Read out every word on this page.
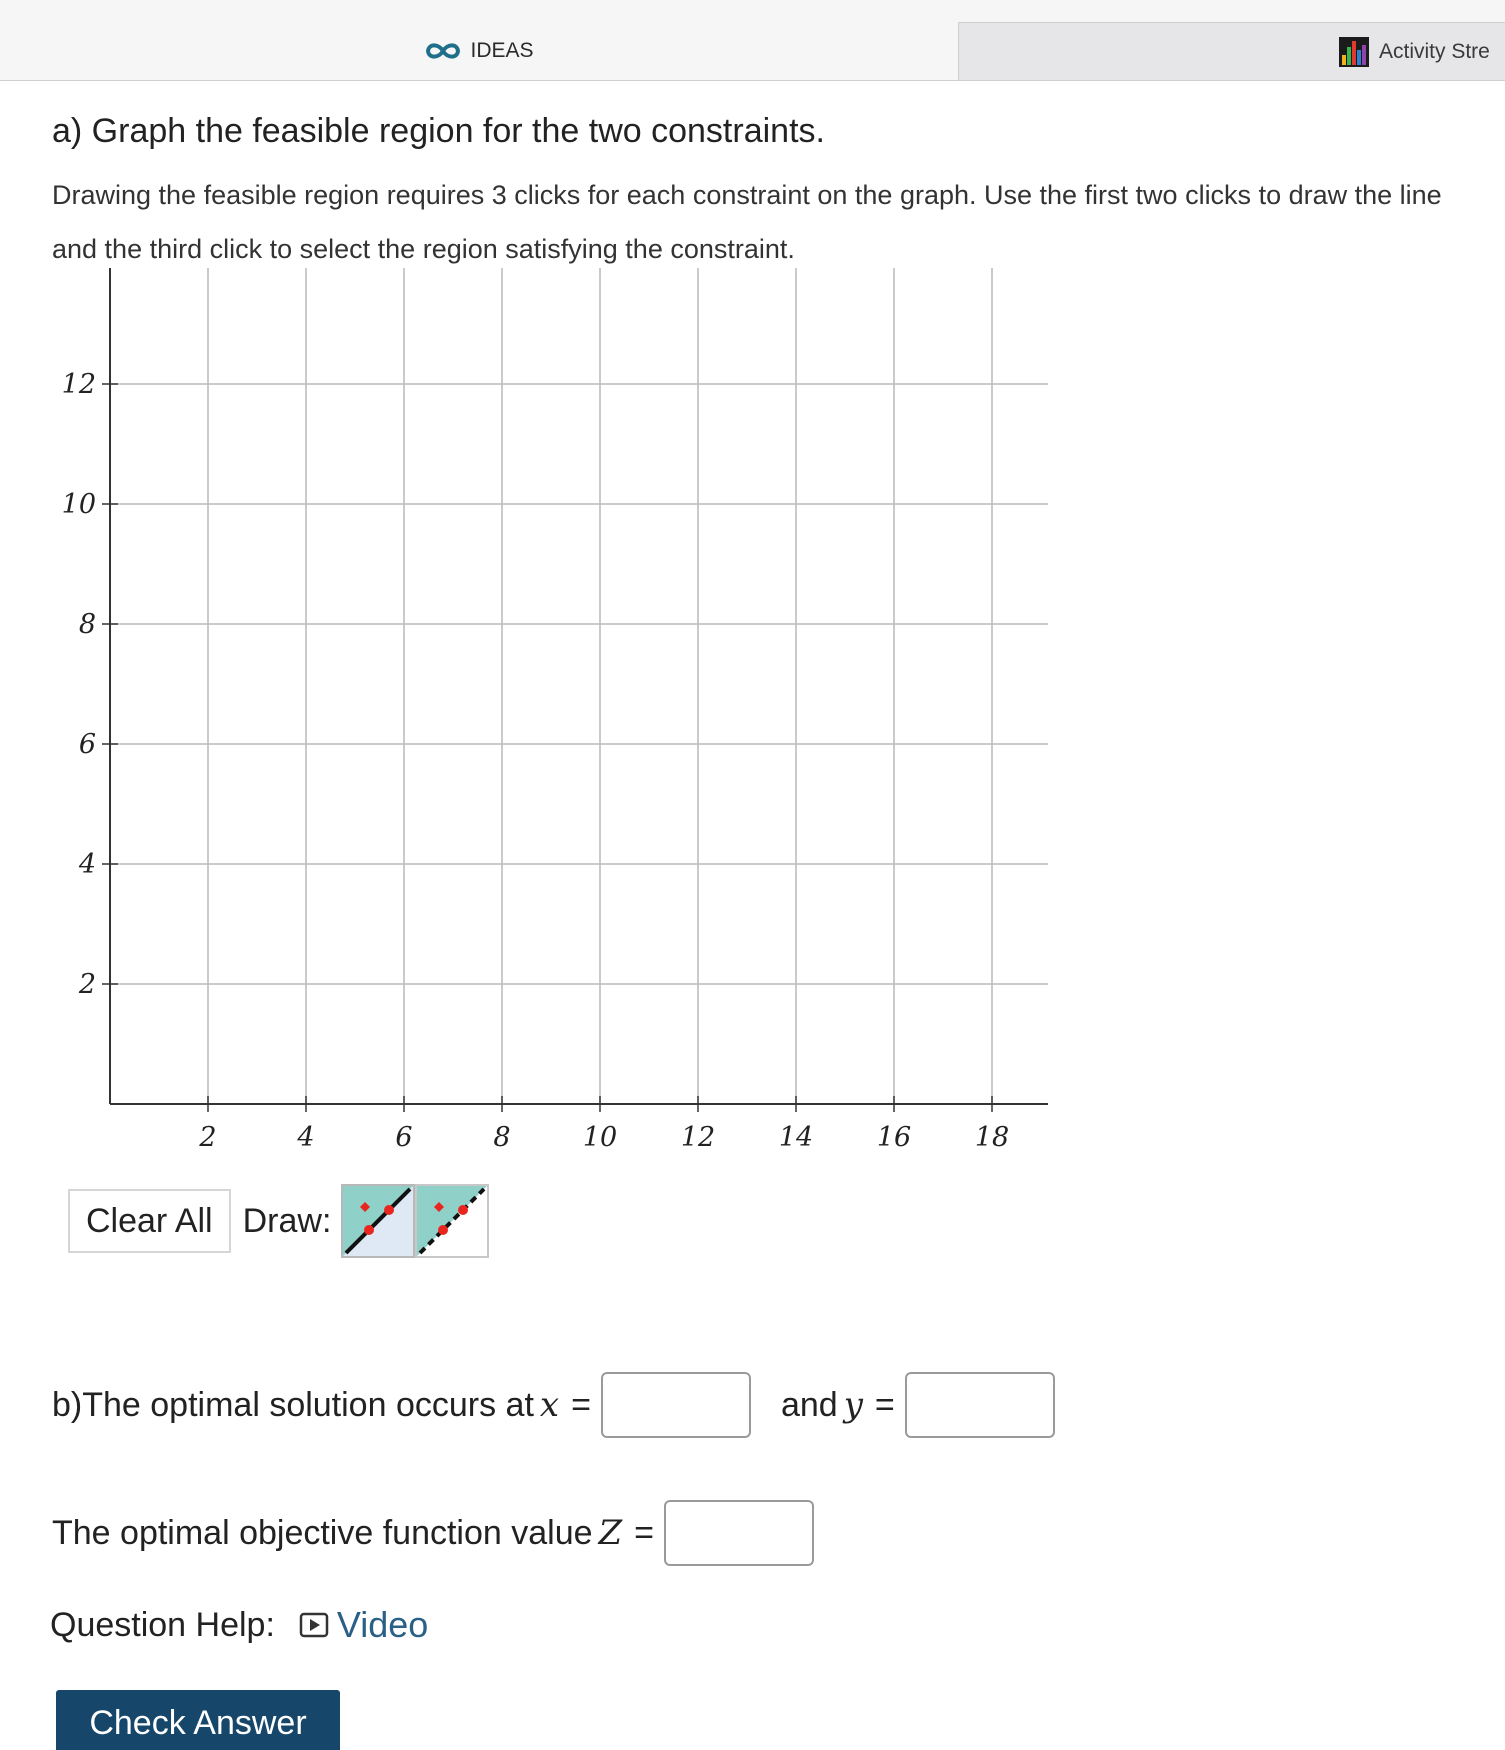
IDEAS	Activity Stre
a) Graph the feasible region for the two constraints.

Drawing the feasible region requires 3 clicks for each constraint on the graph. Use the first two clicks to draw the line and the third click to select the region satisfying the constraint.

2	4	6	8	10 12 14 16 18
12
10
8
6
4
2
Clear All Draw:
b)The optimal solution occurs at x =	and y =
The optimal objective function value Z =
Question Help: Video
Check Answer
